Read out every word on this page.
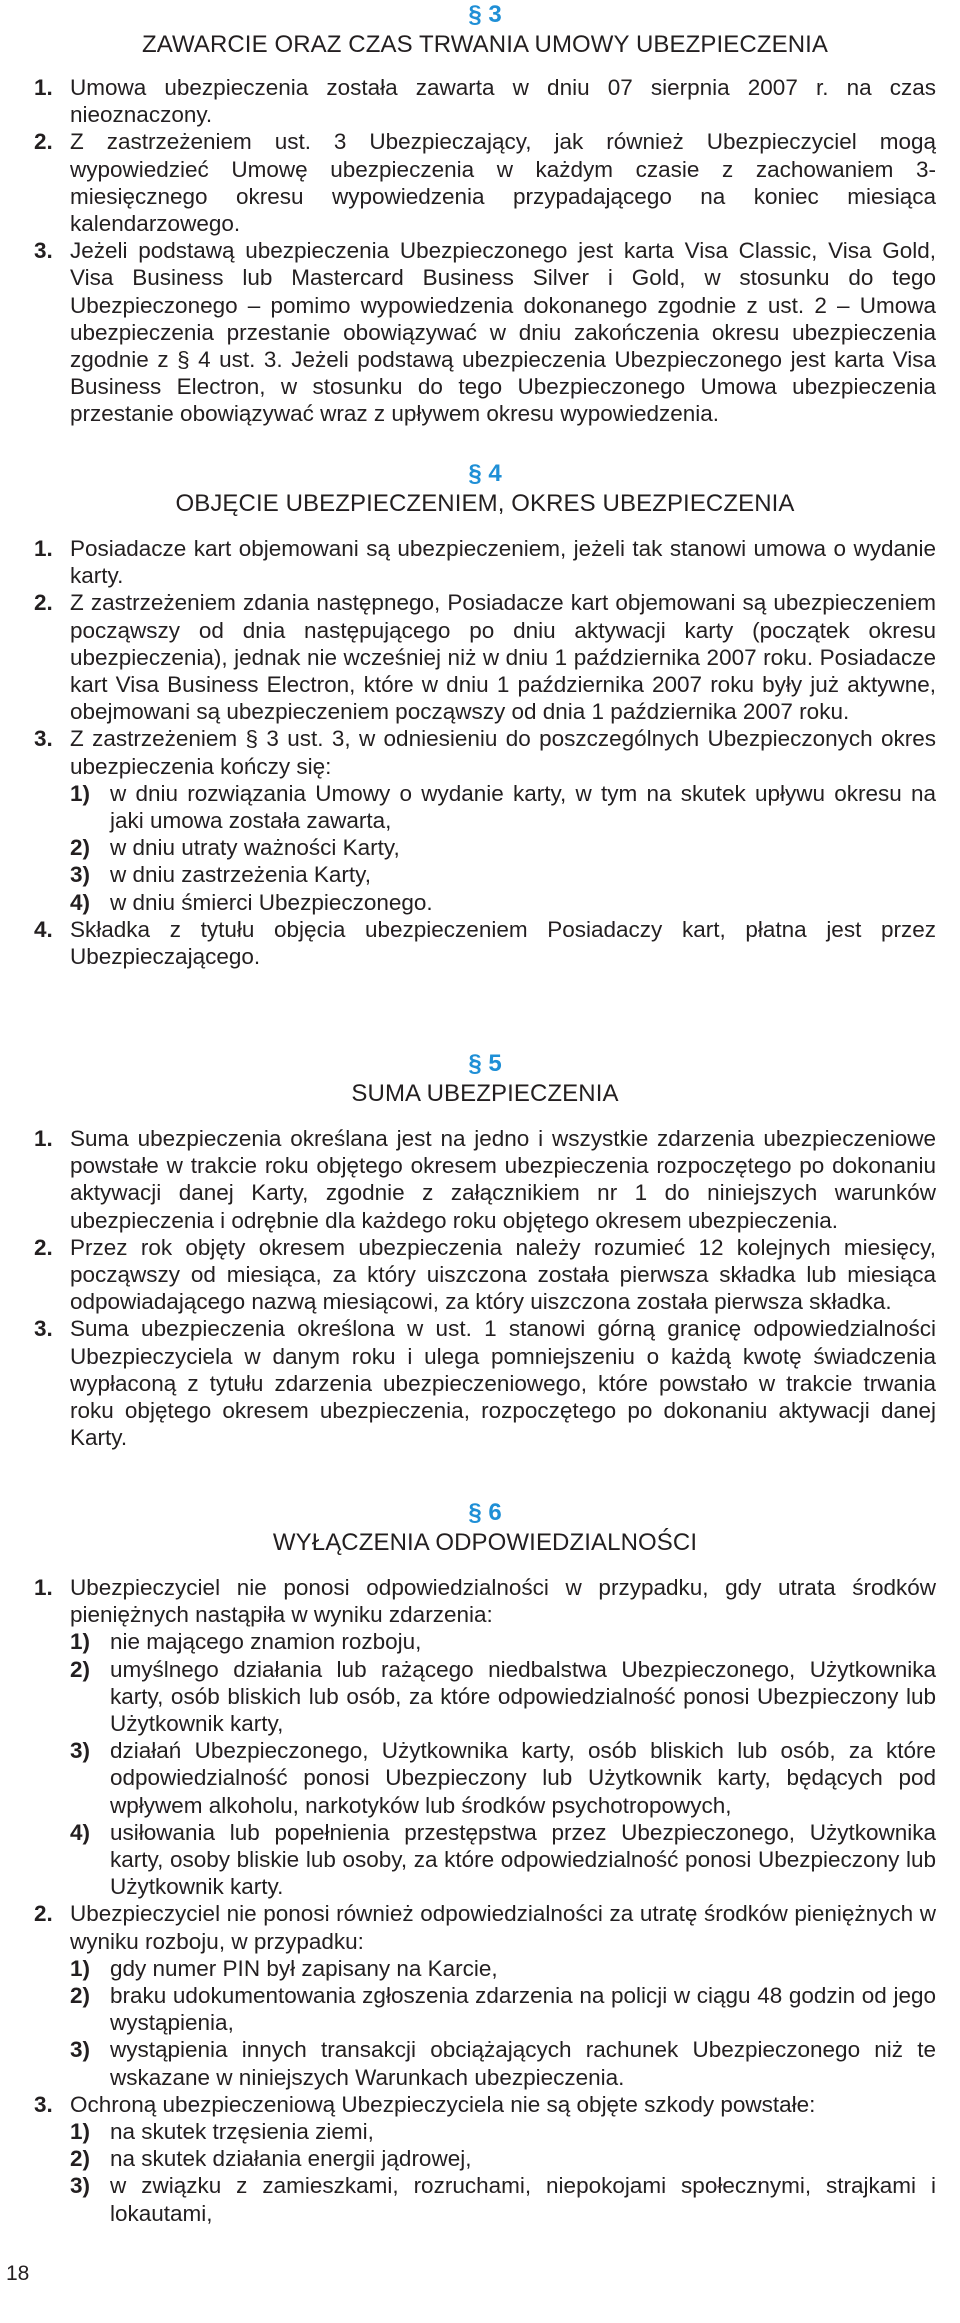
§ 3
ZAWARCIE ORAZ CZAS TRWANIA UMOWY UBEZPIECZENIA
1. Umowa ubezpieczenia została zawarta w dniu 07 sierpnia 2007 r. na czas nieoznaczony.
2. Z zastrzeżeniem ust. 3 Ubezpieczający, jak również Ubezpieczyciel mogą wypowiedzieć Umowę ubezpieczenia w każdym czasie z zachowaniem 3-miesięcznego okresu wypowiedzenia przypadającego na koniec miesiąca kalendarzowego.
3. Jeżeli podstawą ubezpieczenia Ubezpieczonego jest karta Visa Classic, Visa Gold, Visa Business lub Mastercard Business Silver i Gold, w stosunku do tego Ubezpieczonego – pomimo wypowiedzenia dokonanego zgodnie z ust. 2 – Umowa ubezpieczenia przestanie obowiązywać w dniu zakończenia okresu ubezpieczenia zgodnie z § 4 ust. 3. Jeżeli podstawą ubezpieczenia Ubezpieczonego jest karta Visa Business Electron, w stosunku do tego Ubezpieczonego Umowa ubezpieczenia przestanie obowiązywać wraz z upływem okresu wypowiedzenia.
§ 4
OBJĘCIE UBEZPIECZENIEM, OKRES UBEZPIECZENIA
1. Posiadacze kart objemowani są ubezpieczeniem, jeżeli tak stanowi umowa o wydanie karty.
2. Z zastrzeżeniem zdania następnego, Posiadacze kart objemowani są ubezpieczeniem począwszy od dnia następującego po dniu aktywacji karty (początek okresu ubezpieczenia), jednak nie wcześniej niż w dniu 1 października 2007 roku. Posiadacze kart Visa Business Electron, które w dniu 1 października 2007 roku były już aktywne, obejmowani są ubezpieczeniem począwszy od dnia 1 października 2007 roku.
3. Z zastrzeżeniem § 3 ust. 3, w odniesieniu do poszczególnych Ubezpieczonych okres ubezpieczenia kończy się:
1) w dniu rozwiązania Umowy o wydanie karty, w tym na skutek upływu okresu na jaki umowa została zawarta,
2) w dniu utraty ważności Karty,
3) w dniu zastrzeżenia Karty,
4) w dniu śmierci Ubezpieczonego.
4. Składka z tytułu objęcia ubezpieczeniem Posiadaczy kart, płatna jest przez Ubezpieczającego.
§ 5
SUMA UBEZPIECZENIA
1. Suma ubezpieczenia określana jest na jedno i wszystkie zdarzenia ubezpieczeniowe powstałe w trakcie roku objętego okresem ubezpieczenia rozpoczętego po dokonaniu aktywacji danej Karty, zgodnie z załącznikiem nr 1 do niniejszych warunków ubezpieczenia i odrębnie dla każdego roku objętego okresem ubezpieczenia.
2. Przez rok objęty okresem ubezpieczenia należy rozumieć 12 kolejnych miesięcy, począwszy od miesiąca, za który uiszczona została pierwsza składka lub miesiąca odpowiadającego nazwą miesiącowi, za który uiszczona została pierwsza składka.
3. Suma ubezpieczenia określona w ust. 1 stanowi górną granicę odpowiedzialności Ubezpieczyciela w danym roku i ulega pomniejszeniu o każdą kwotę świadczenia wypłaconą z tytułu zdarzenia ubezpieczeniowego, które powstało w trakcie trwania roku objętego okresem ubezpieczenia, rozpoczętego po dokonaniu aktywacji danej Karty.
§ 6
WYŁĄCZENIA ODPOWIEDZIALNOŚCI
1. Ubezpieczyciel nie ponosi odpowiedzialności w przypadku, gdy utrata środków pieniężnych nastąpiła w wyniku zdarzenia:
1) nie mającego znamion rozboju,
2) umyślnego działania lub rażącego niedbalstwa Ubezpieczonego, Użytkownika karty, osób bliskich lub osób, za które odpowiedzialność ponosi Ubezpieczony lub Użytkownik karty,
3) działań Ubezpieczonego, Użytkownika karty, osób bliskich lub osób, za które odpowiedzialność ponosi Ubezpieczony lub Użytkownik karty, będących pod wpływem alkoholu, narkotyków lub środków psychotropowych,
4) usiłowania lub popełnienia przestępstwa przez Ubezpieczonego, Użytkownika karty, osoby bliskie lub osoby, za które odpowiedzialność ponosi Ubezpieczony lub Użytkownik karty.
2. Ubezpieczyciel nie ponosi również odpowiedzialności za utratę środków pieniężnych w wyniku rozboju, w przypadku:
1) gdy numer PIN był zapisany na Karcie,
2) braku udokumentowania zgłoszenia zdarzenia na policji w ciągu 48 godzin od jego wystąpienia,
3) wystąpienia innych transakcji obciążających rachunek Ubezpieczonego niż te wskazane w niniejszych Warunkach ubezpieczenia.
3. Ochroną ubezpieczeniową Ubezpieczyciela nie są objęte szkody powstałe:
1) na skutek trzęsienia ziemi,
2) na skutek działania energii jądrowej,
3) w związku z zamieszkami, rozruchami, niepokojami społecznymi, strajkami i lokautami,
18
